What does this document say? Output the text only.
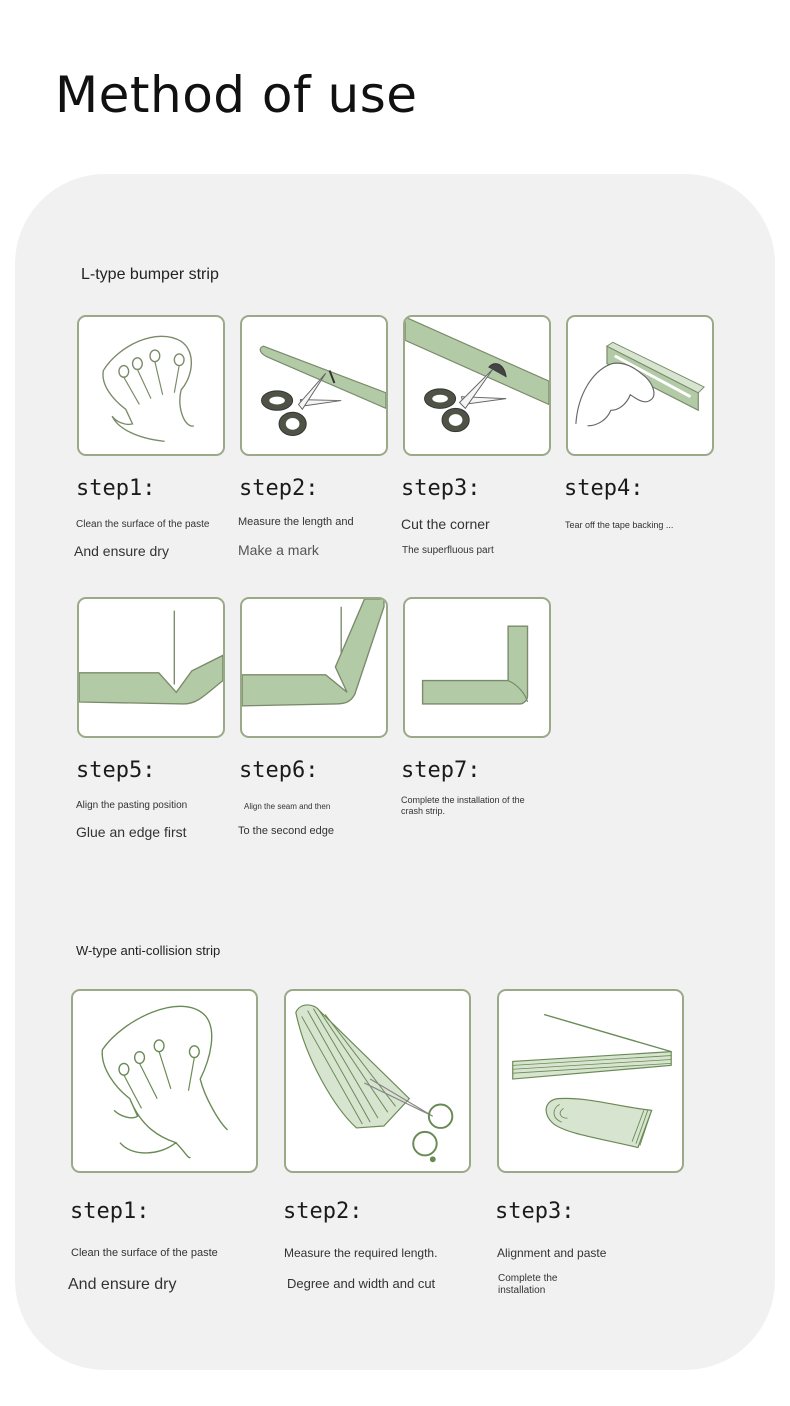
Method of use
L-type bumper strip
step1:
Clean the surface of the paste
And ensure dry
step2:
Measure the length and
Make a mark
step3:
Cut the corner
The superfluous part
step4:
Tear off the tape backing ...
step5:
Align the pasting position
Glue an edge first
step6:
Align the seam and then
To the second edge
step7:
Complete the installation of the crash strip.
W-type anti-collision strip
step1:
Clean the surface of the paste
And ensure dry
step2:
Measure the required length.
Degree and width and cut
step3:
Alignment and paste
Complete the installation
